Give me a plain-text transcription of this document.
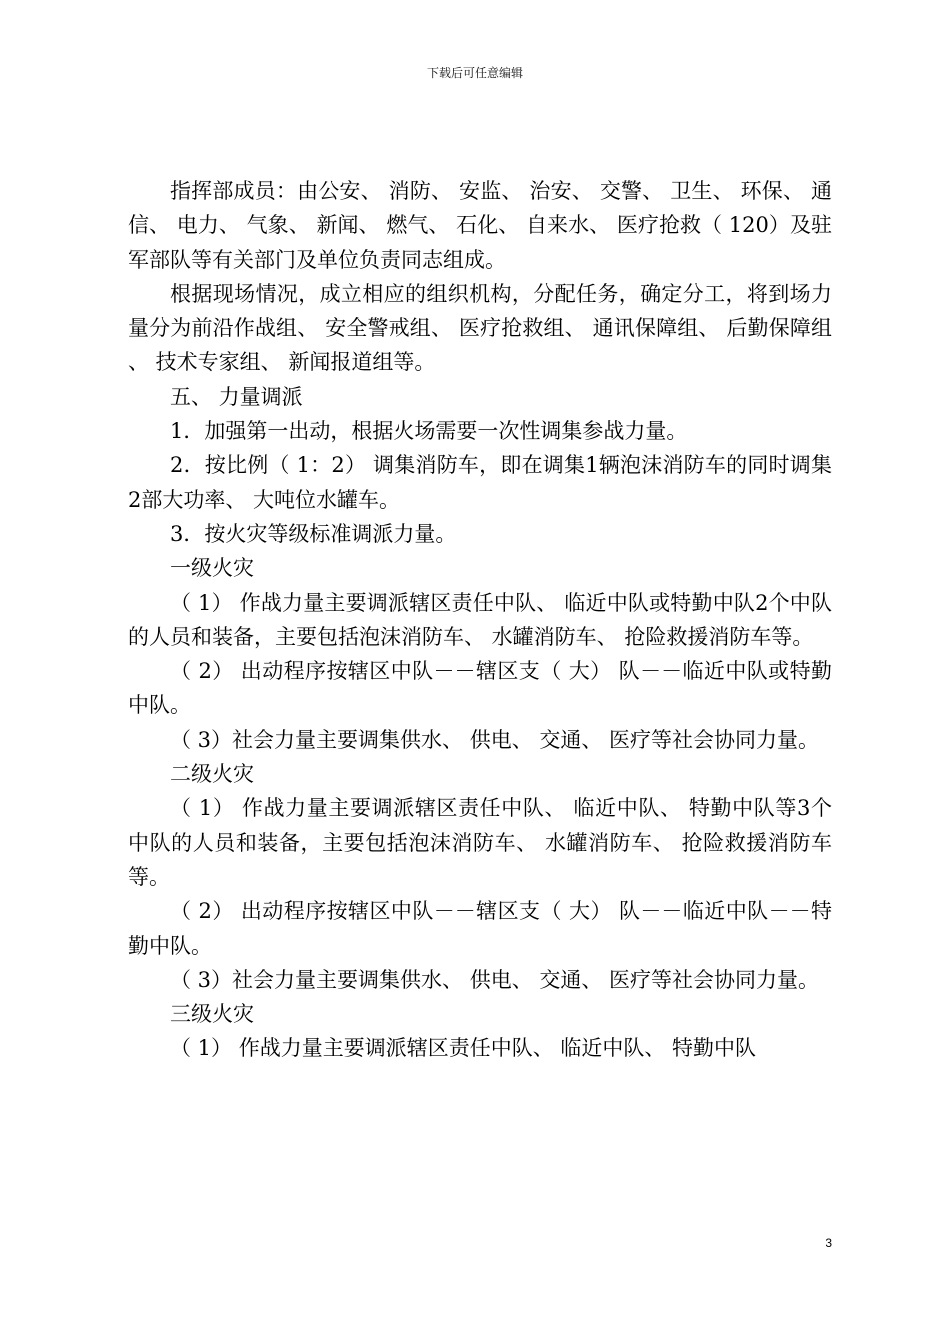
下载后可任意编辑

指挥部成员：由公安、 消防、 安监、 治安、 交警、 卫生、 环保、 通信、 电力、 气象、 新闻、 燃气、 石化、 自来水、 医疗抢救（ 120）及驻军部队等有关部门及单位负责同志组成。

根据现场情况，成立相应的组织机构，分配任务，确定分工，将到场力量分为前沿作战组、 安全警戒组、 医疗抢救组、 通讯保障组、 后勤保障组、 技术专家组、 新闻报道组等。

五、 力量调派

1．加强第一出动，根据火场需要一次性调集参战力量。

2．按比例（ 1：2） 调集消防车，即在调集1辆泡沫消防车的同时调集2部大功率、 大吨位水罐车。

3．按火灾等级标准调派力量。

一级火灾

（ 1） 作战力量主要调派辖区责任中队、 临近中队或特勤中队2个中队的人员和装备，主要包括泡沫消防车、 水罐消防车、 抢险救援消防车等。

（ 2） 出动程序按辖区中队－－辖区支（ 大） 队－－临近中队或特勤中队。

（ 3）社会力量主要调集供水、 供电、 交通、 医疗等社会协同力量。

二级火灾

（ 1） 作战力量主要调派辖区责任中队、 临近中队、 特勤中队等3个中队的人员和装备，主要包括泡沫消防车、 水罐消防车、 抢险救援消防车等。

（ 2） 出动程序按辖区中队－－辖区支（ 大） 队－－临近中队－－特勤中队。

（ 3）社会力量主要调集供水、 供电、 交通、 医疗等社会协同力量。

三级火灾

（ 1） 作战力量主要调派辖区责任中队、 临近中队、 特勤中队

3
